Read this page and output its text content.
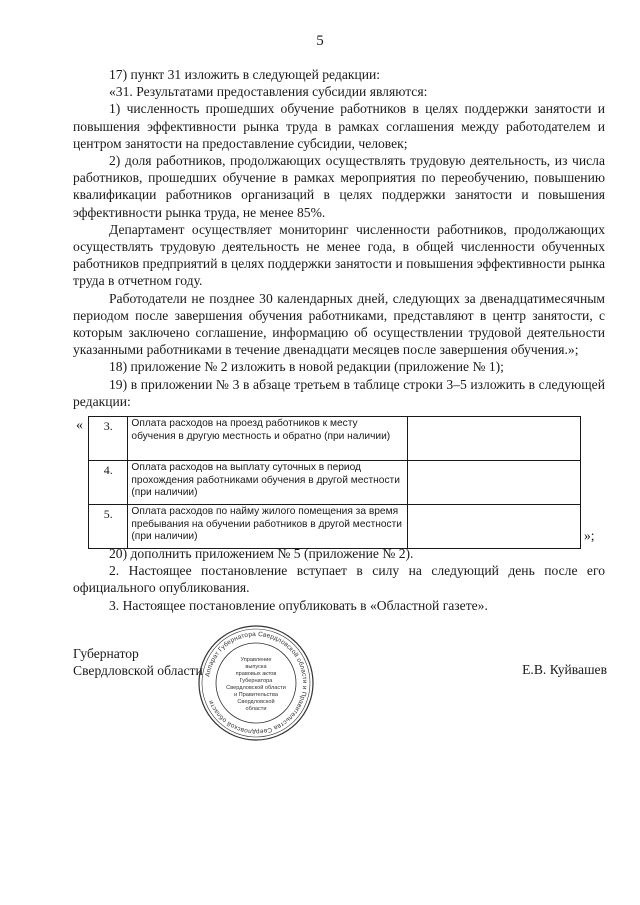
5

17) пункт 31 изложить в следующей редакции:

«31. Результатами предоставления субсидии являются:

1) численность прошедших обучение работников в целях поддержки занятости и повышения эффективности рынка труда в рамках соглашения между работодателем и центром занятости на предоставление субсидии, человек;

2) доля работников, продолжающих осуществлять трудовую деятельность, из числа работников, прошедших обучение в рамках мероприятия по переобучению, повышению квалификации работников организаций в целях поддержки занятости и повышения эффективности рынка труда, не менее 85%.

Департамент осуществляет мониторинг численности работников, продолжающих осуществлять трудовую деятельность не менее года, в общей численности обученных работников предприятий в целях поддержки занятости и повышения эффективности рынка труда в отчетном году.

Работодатели не позднее 30 календарных дней, следующих за двенадцатимесячным периодом после завершения обучения работниками, представляют в центр занятости, с которым заключено соглашение, информацию об осуществлении трудовой деятельности указанными работниками в течение двенадцати месяцев после завершения обучения.»;

18) приложение № 2 изложить в новой редакции (приложение № 1);

19) в приложении № 3 в абзаце третьем в таблице строки 3–5 изложить в следующей редакции:

« 3.	Оплата расходов на проезд работников к месту обучения в другую местность и обратно (при наличии)	
4.	Оплата расходов на выплату суточных в период прохождения работниками обучения в другой местности (при наличии)	
5.	Оплата расходов по найму жилого помещения за время пребывания на обучении работников в другой местности (при наличии)		»;

20) дополнить приложением № 5 (приложение № 2).

2. Настоящее постановление вступает в силу на следующий день после его официального опубликования.

3. Настоящее постановление опубликовать в «Областной газете».

Губернатор
Свердловской области	Е.В. Куйвашев
Аппарат Губернатора Свердловской области и Правительства Свердловской области
Управление
выпуска
правовых актов
Губернатора
Свердловской области
и Правительства
Свердловской
области
